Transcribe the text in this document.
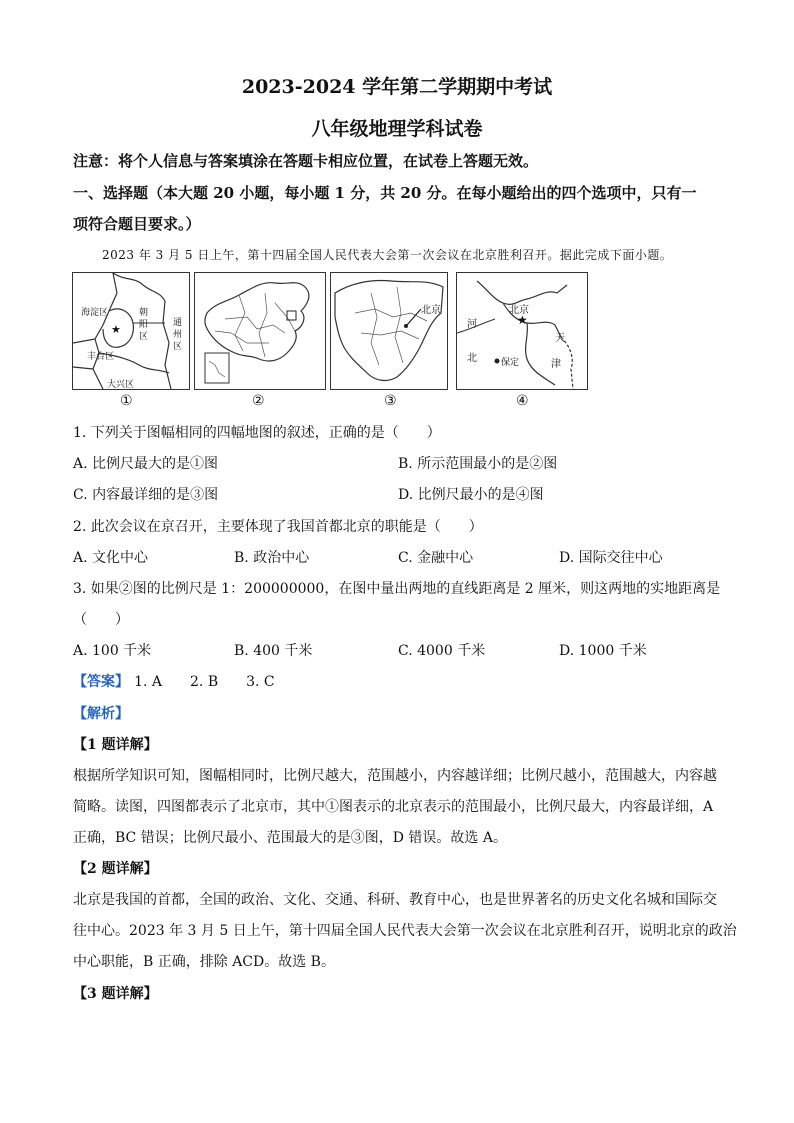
2023-2024 学年第二学期期中考试
八年级地理学科试卷
注意：将个人信息与答案填涂在答题卡相应位置，在试卷上答题无效。
一、选择题（本大题 20 小题，每小题 1 分，共 20 分。在每小题给出的四个选项中，只有一
项符合题目要求。）
2023 年 3 月 5 日上午，第十四届全国人民代表大会第一次会议在北京胜利召开。据此完成下面小题。
海淀区	朝
阳
区
通
州
区
丰台区
大兴区
★
北京	北京
★
河
北
天
津
保定
①	②	③	④
1. 下列关于图幅相同的四幅地图的叙述，正确的是（　　）
A. 比例尺最大的是①图	B. 所示范围最小的是②图
C. 内容最详细的是③图	D. 比例尺最小的是④图
2. 此次会议在京召开，主要体现了我国首都北京的职能是（　　）
A. 文化中心	B. 政治中心	C. 金融中心	D. 国际交往中心
3. 如果②图的比例尺是 1：200000000，在图中量出两地的直线距离是 2 厘米，则这两地的实地距离是
（　　）
A. 100 千米	B. 400 千米	C. 4000 千米	D. 1000 千米
【答案】 1. A　　2. B　　3. C
【解析】
【1 题详解】
根据所学知识可知，图幅相同时，比例尺越大，范围越小，内容越详细；比例尺越小，范围越大，内容越
简略。读图，四图都表示了北京市，其中①图表示的北京表示的范围最小，比例尺最大，内容最详细，A
正确，BC 错误；比例尺最小、范围最大的是③图，D 错误。故选 A。
【2 题详解】
北京是我国的首都，全国的政治、文化、交通、科研、教育中心，也是世界著名的历史文化名城和国际交
往中心。2023 年 3 月 5 日上午，第十四届全国人民代表大会第一次会议在北京胜利召开，说明北京的政治
中心职能，B 正确，排除 ACD。故选 B。
【3 题详解】
